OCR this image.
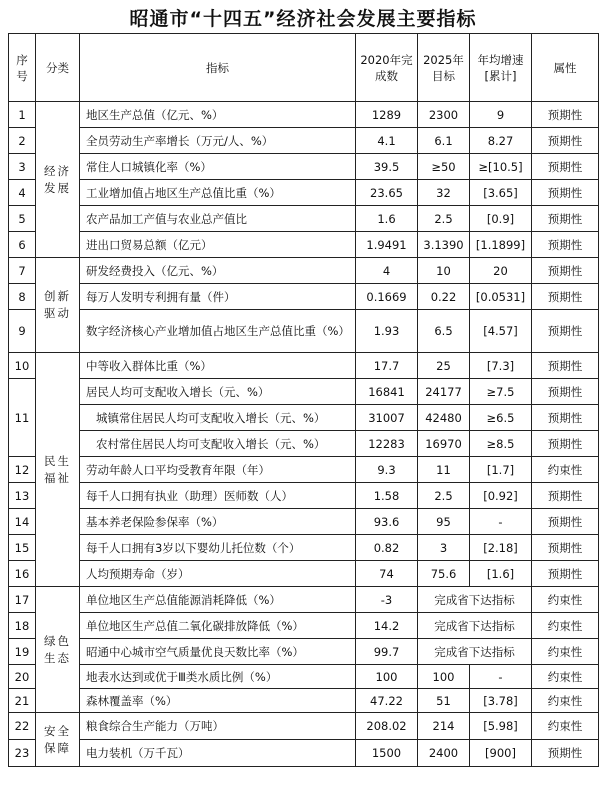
昭通市“十四五”经济社会发展主要指标
序号	分类	指标	2020年完成数	2025年目标	年均增速[累计]	属性
1	经济发展	地区生产总值（亿元、%）	1289	2300	9	预期性
2		全员劳动生产率增长（万元/人、%）	4.1	6.1	8.27	预期性
3		常住人口城镇化率（%）	39.5	≥50	≥[10.5]	预期性
4		工业增加值占地区生产总值比重（%）	23.65	32	[3.65]	预期性
5		农产品加工产值与农业总产值比	1.6	2.5	[0.9]	预期性
6		进出口贸易总额（亿元）	1.9491	3.1390	[1.1899]	预期性
7	创新驱动	研发经费投入（亿元、%）	4	10	20	预期性
8		每万人发明专利拥有量（件）	0.1669	0.22	[0.0531]	预期性
9		数字经济核心产业增加值占地区生产总值比重（%）	1.93	6.5	[4.57]	预期性
10	民生福祉	中等收入群体比重（%）	17.7	25	[7.3]	预期性
11		居民人均可支配收入增长（元、%）	16841	24177	≥7.5	预期性
		城镇常住居民人均可支配收入增长（元、%）	31007	42480	≥6.5	预期性
		农村常住居民人均可支配收入增长（元、%）	12283	16970	≥8.5	预期性
12		劳动年龄人口平均受教育年限（年）	9.3	11	[1.7]	约束性
13		每千人口拥有执业（助理）医师数（人）	1.58	2.5	[0.92]	预期性
14		基本养老保险参保率（%）	93.6	95	-	预期性
15		每千人口拥有3岁以下婴幼儿托位数（个）	0.82	3	[2.18]	预期性
16		人均预期寿命（岁）	74	75.6	[1.6]	预期性
17	绿色生态	单位地区生产总值能源消耗降低（%）	-3	完成省下达指标		约束性
18		单位地区生产总值二氧化碳排放降低（%）	14.2	完成省下达指标		约束性
19		昭通中心城市空气质量优良天数比率（%）	99.7	完成省下达指标		约束性
20		地表水达到或优于Ⅲ类水质比例（%）	100	100	-	约束性
21		森林覆盖率（%）	47.22	51	[3.78]	约束性
22	安全保障	粮食综合生产能力（万吨）	208.02	214	[5.98]	约束性
23		电力装机（万千瓦）	1500	2400	[900]	预期性
